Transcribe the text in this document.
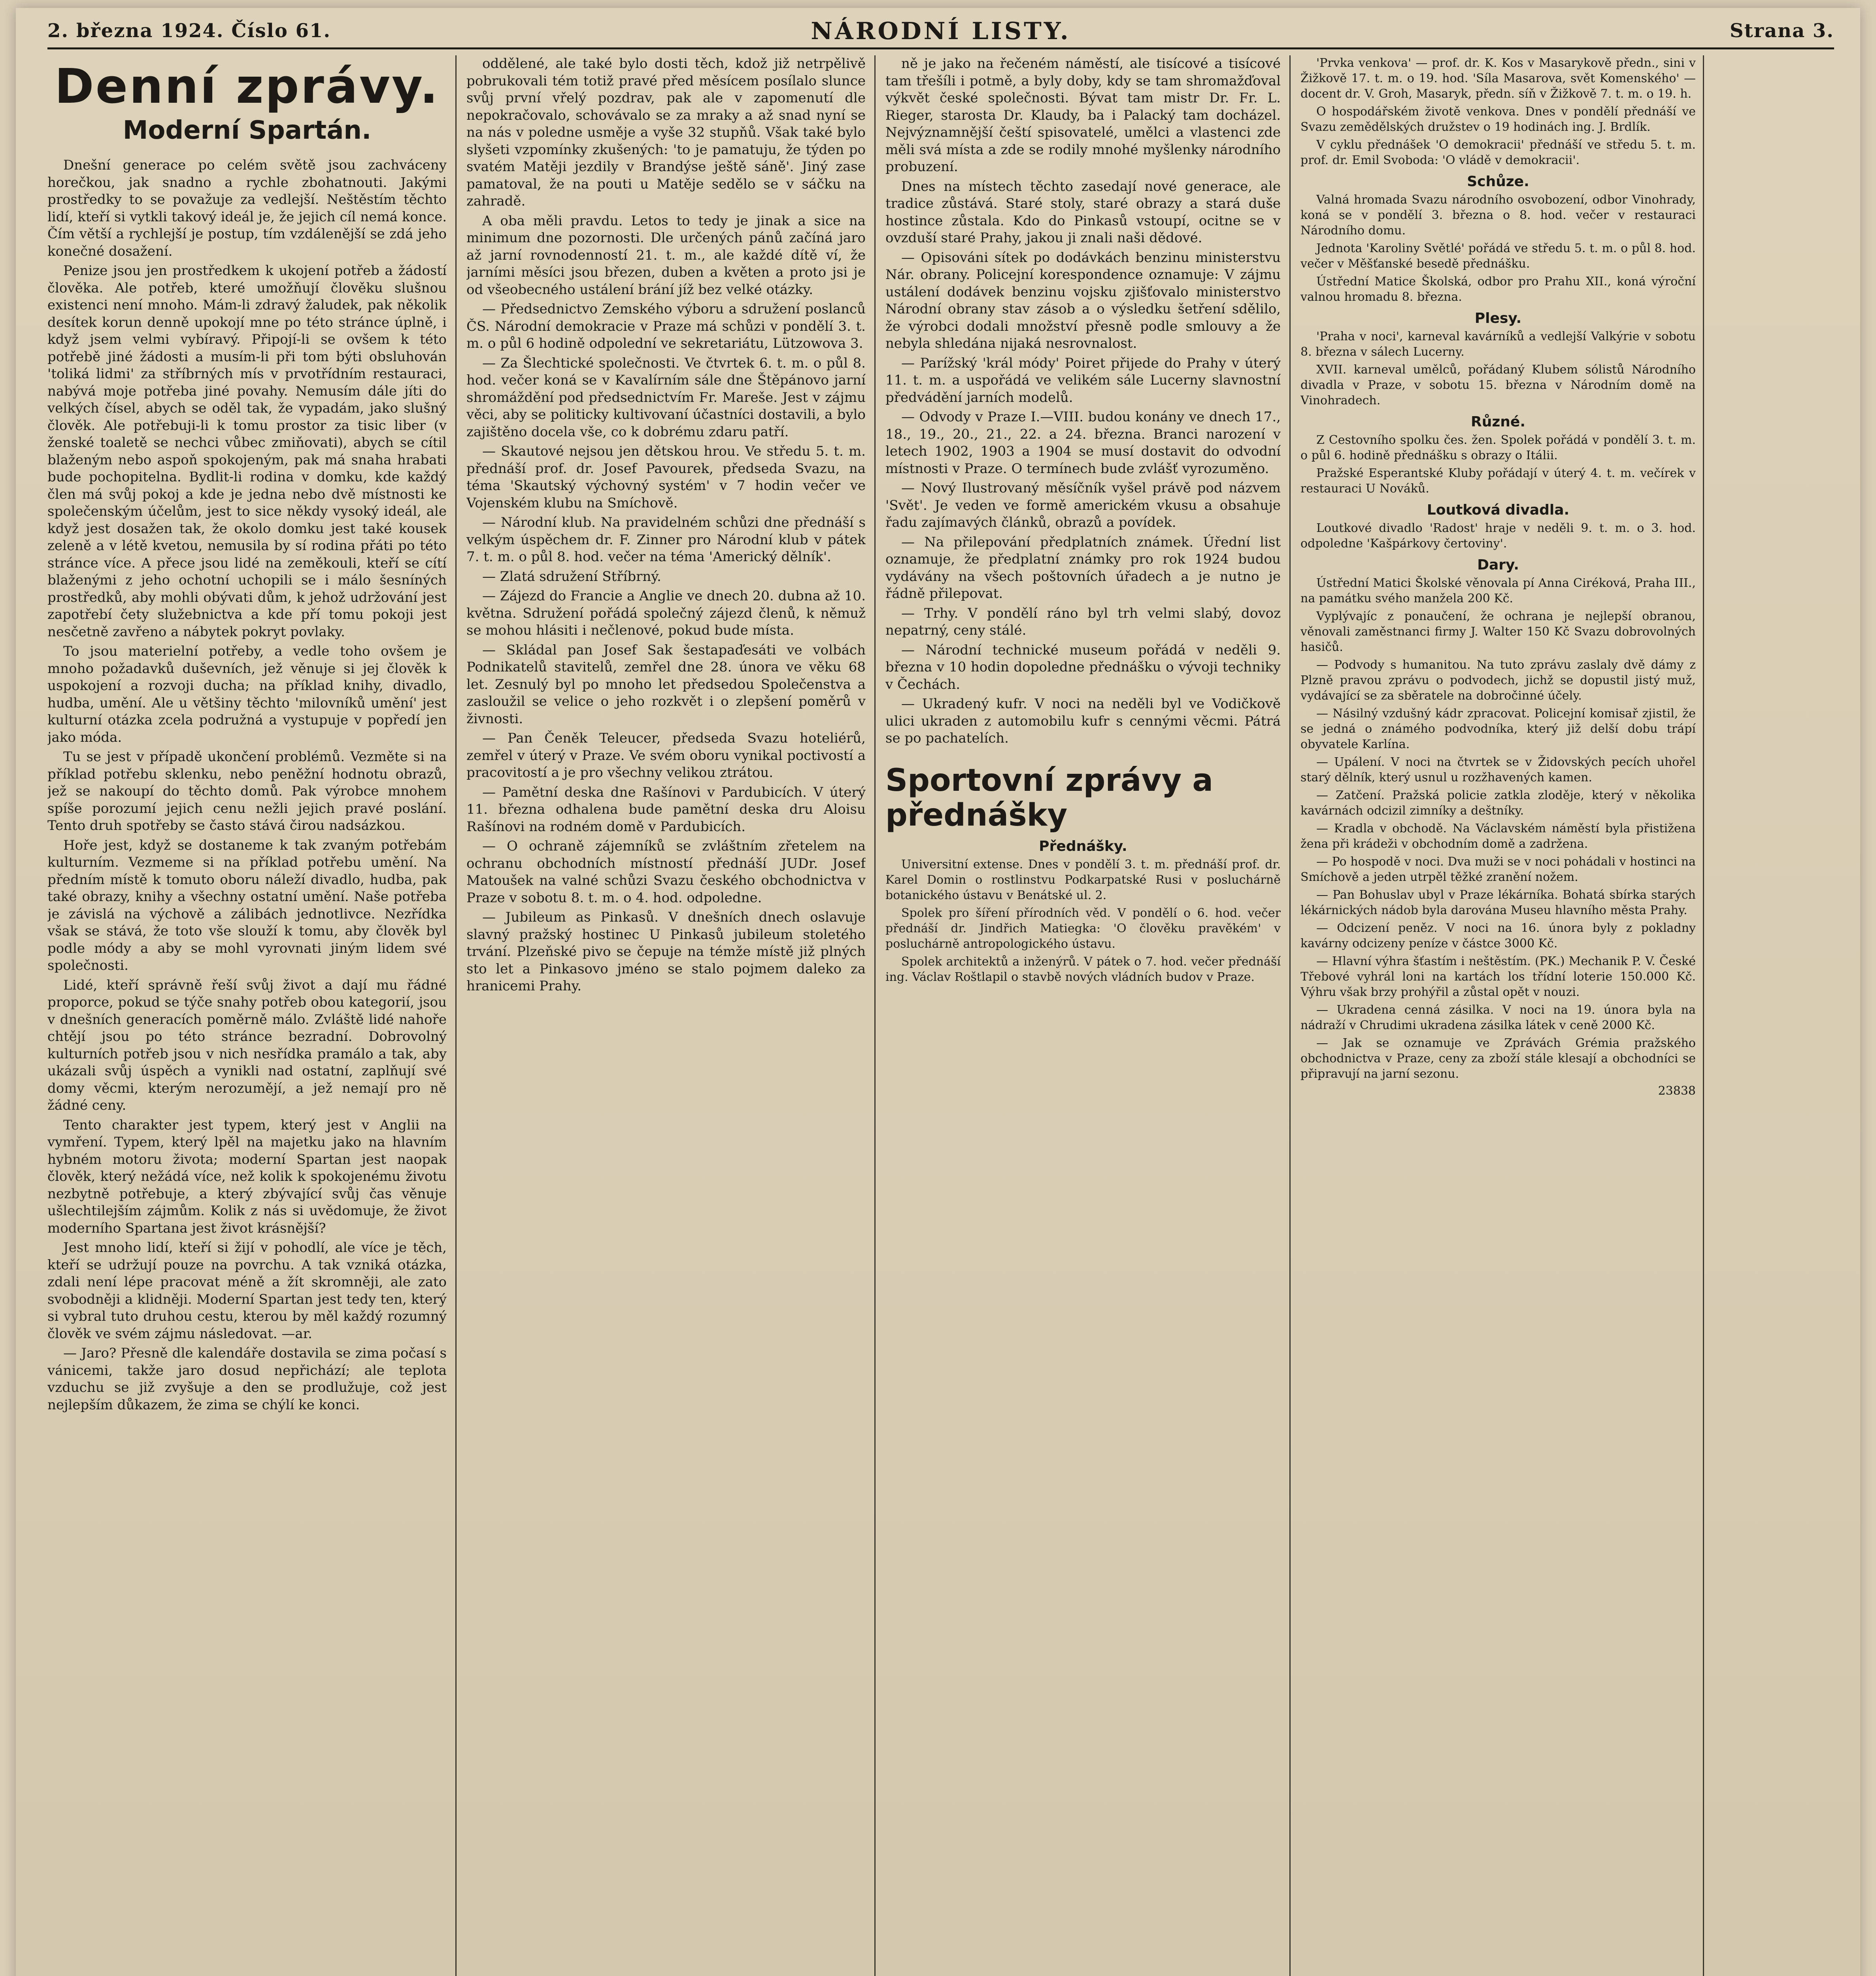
2. března 1924. Číslo 61.	NÁRODNÍ LISTY.	Strana 3.
Denní zprávy.
Moderní Spartán.

Dnešní generace po celém světě jsou zachváceny horečkou, jak snadno a rychle zbohatnouti. Jakými prostředky to se považuje za vedlejší. Neštěstím těchto lidí, kteří si vytkli takový ideál je, že jejich cíl nemá konce. Čím větší a rychlejší je postup, tím vzdálenější se zdá jeho konečné dosažení.

Penize jsou jen prostředkem k ukojení potřeb a žádostí člověka. Ale potřeb, které umožňují člověku slušnou existenci není mnoho. Mám-li zdravý žaludek, pak několik desítek korun denně upokojí mne po této stránce úplně, i když jsem velmi vybíravý. Připojí-li se ovšem k této potřebě jiné žádosti a musím-li při tom býti obsluhován 'toliká lidmi' za stříbrných mís v prvotřídním restauraci, nabývá moje potřeba jiné povahy. Nemusím dále jíti do velkých čísel, abych se oděl tak, že vypadám, jako slušný člověk. Ale potřebuji-li k tomu prostor za tisic liber (v ženské toaletě se nechci vůbec zmiňovati), abych se cítil blaženým nebo aspoň spokojeným, pak má snaha hrabati bude pochopitelna. Bydlit-li rodina v domku, kde každý člen má svůj pokoj a kde je jedna nebo dvě místnosti ke společenským účelům, jest to sice někdy vysoký ideál, ale když jest dosažen tak, že okolo domku jest také kousek zeleně a v létě kvetou, nemusila by sí rodina přáti po této stránce více. A přece jsou lidé na zeměkouli, kteří se cítí blaženými z jeho ochotní uchopili se i málo šesníných prostředků, aby mohli obývati dům, k jehož udržování jest zapotřebí čety služebnictva a kde pří tomu pokoji jest nesčetně zavřeno a nábytek pokryt povlaky.

To jsou materielní potřeby, a vedle toho ovšem je mnoho požadavků duševních, jež věnuje si jej člověk k uspokojení a rozvoji ducha; na příklad knihy, divadlo, hudba, umění. Ale u většiny těchto 'milovníků umění' jest kulturní otázka zcela podružná a vystupuje v popředí jen jako móda.

Tu se jest v případě ukončení problémů. Vezměte si na příklad potřebu sklenku, nebo peněžní hodnotu obrazů, jež se nakoupí do těchto domů. Pak výrobce mnohem spíše porozumí jejich cenu nežli jejich pravé poslání. Tento druh spotřeby se často stává čirou nadsázkou.

Hoře jest, když se dostaneme k tak zvaným potřebám kulturním. Vezmeme si na příklad potřebu umění. Na předním místě k tomuto oboru náleží divadlo, hudba, pak také obrazy, knihy a všechny ostatní umění. Naše potřeba je závislá na výchově a zálibách jednotlivce. Nezřídka však se stává, že toto vše slouží k tomu, aby člověk byl podle módy a aby se mohl vyrovnati jiným lidem své společnosti.

Lidé, kteří správně řeší svůj život a dají mu řádné proporce, pokud se týče snahy potřeb obou kategorií, jsou v dnešních generacích poměrně málo. Zvláště lidé nahoře chtějí jsou po této stránce bezradní. Dobrovolný kulturních potřeb jsou v nich nesřídka pramálo a tak, aby ukázali svůj úspěch a vynikli nad ostatní, zaplňují své domy věcmi, kterým nerozumějí, a jež nemají pro ně žádné ceny.

Tento charakter jest typem, který jest v Anglii na vymření. Typem, který lpěl na majetku jako na hlavním hybném motoru života; moderní Spartan jest naopak člověk, který nežádá více, než kolik k spokojenému životu nezbytně potřebuje, a který zbývající svůj čas věnuje ušlechtilejším zájmům. Kolik z nás si uvědomuje, že život moderního Spartana jest život krásnější?

Jest mnoho lidí, kteří si žijí v pohodlí, ale více je těch, kteří se udržují pouze na povrchu. A tak vzniká otázka, zdali není lépe pracovat méně a žít skromněji, ale zato svobodněji a klidněji. Moderní Spartan jest tedy ten, který si vybral tuto druhou cestu, kterou by měl každý rozumný člověk ve svém zájmu následovat. —ar.

— Jaro? Přesně dle kalendáře dostavila se zima počasí s vánicemi, takže jaro dosud nepřichází; ale teplota vzduchu se již zvyšuje a den se prodlužuje, což jest nejlepším důkazem, že zima se chýlí ke konci.

oddělené, ale také bylo dosti těch, kdož již netrpělivě pobrukovali tém totiž pravé před měsícem posílalo slunce svůj první vřelý pozdrav, pak ale v zapomenutí dle nepokračovalo, schovávalo se za mraky a až snad nyní se na nás v poledne usměje a vyše 32 stupňů. Však také bylo slyšeti vzpomínky zkušených: 'to je pamatuju, že týden po svatém Matěji jezdily v Brandýse ještě sáně'. Jiný zase pamatoval, že na pouti u Matěje sedělo se v sáčku na zahradě.

A oba měli pravdu. Letos to tedy je jinak a sice na minimum dne pozornosti. Dle určených pánů začíná jaro až jarní rovnodenností 21. t. m., ale každé dítě ví, že jarními měsíci jsou březen, duben a květen a proto jsi je od všeobecného ustálení brání jíž bez velké otázky.

— Předsednictvo Zemského výboru a sdružení poslanců ČS. Národní demokracie v Praze má schůzi v pondělí 3. t. m. o půl 6 hodině odpolední ve sekretariátu, Lützowova 3.

— Za Šlechtické společnosti. Ve čtvrtek 6. t. m. o půl 8. hod. večer koná se v Kavalírním sále dne Štěpánovo jarní shromáždění pod předsednictvím Fr. Mareše. Jest v zájmu věci, aby se politicky kultivovaní účastníci dostavili, a bylo zajištěno docela vše, co k dobrému zdaru patří.

— Skautové nejsou jen dětskou hrou. Ve středu 5. t. m. přednáší prof. dr. Josef Pavourek, předseda Svazu, na téma 'Skautský výchovný systém' v 7 hodin večer ve Vojenském klubu na Smíchově.

— Národní klub. Na pravidelném schůzi dne přednáší s velkým úspěchem dr. F. Zinner pro Národní klub v pátek 7. t. m. o půl 8. hod. večer na téma 'Americký dělník'.

— Zlatá sdružení Stříbrný.

— Zájezd do Francie a Anglie ve dnech 20. dubna až 10. května. Sdružení pořádá společný zájezd členů, k němuž se mohou hlásiti i nečlenové, pokud bude místa.

— Skládal pan Josef Sak šestapaďesáti ve volbách Podnikatelů stavitelů, zemřel dne 28. února ve věku 68 let. Zesnulý byl po mnoho let předsedou Společenstva a zasloužil se velice o jeho rozkvět i o zlepšení poměrů v živnosti.

— Pan Čeněk Teleucer, předseda Svazu hoteliérů, zemřel v úterý v Praze. Ve svém oboru vynikal poctivostí a pracovitostí a je pro všechny velikou ztrátou.

— Pamětní deska dne Rašínovi v Pardubicích. V úterý 11. března odhalena bude pamětní deska dru Aloisu Rašínovi na rodném domě v Pardubicích.

— O ochraně zájemníků se zvláštním zřetelem na ochranu obchodních místností přednáší JUDr. Josef Matoušek na valné schůzi Svazu českého obchodnictva v Praze v sobotu 8. t. m. o 4. hod. odpoledne.

— Jubileum as Pinkasů. V dnešních dnech oslavuje slavný pražský hostinec U Pinkasů jubileum stoletého trvání. Plzeňské pivo se čepuje na témže místě již plných sto let a Pinkasovo jméno se stalo pojmem daleko za hranicemi Prahy.

ně je jako na řečeném náměstí, ale tisícové a tisícové tam třešíli i potmě, a byly doby, kdy se tam shromažďoval výkvět české společnosti. Bývat tam mistr Dr. Fr. L. Rieger, starosta Dr. Klaudy, ba i Palacký tam docházel. Nejvýznamnější čeští spisovatelé, umělci a vlastenci zde měli svá místa a zde se rodily mnohé myšlenky národního probuzení.

Dnes na místech těchto zasedají nové generace, ale tradice zůstává. Staré stoly, staré obrazy a stará duše hostince zůstala. Kdo do Pinkasů vstoupí, ocitne se v ovzduší staré Prahy, jakou ji znali naši dědové.

— Opisováni sítek po dodávkách benzinu ministerstvu Nár. obrany. Policejní korespondence oznamuje: V zájmu ustálení dodávek benzinu vojsku zjišťovalo ministerstvo Národní obrany stav zásob a o výsledku šetření sdělilo, že výrobci dodali množství přesně podle smlouvy a že nebyla shledána nijaká nesrovnalost.

— Parížský 'král módy' Poiret přijede do Prahy v úterý 11. t. m. a uspořádá ve velikém sále Lucerny slavnostní předvádění jarních modelů.

— Odvody v Praze I.—VIII. budou konány ve dnech 17., 18., 19., 20., 21., 22. a 24. března. Branci narození v letech 1902, 1903 a 1904 se musí dostavit do odvodní místnosti v Praze. O termínech bude zvlášť vyrozuměno.

— Nový Ilustrovaný měsíčník vyšel právě pod názvem 'Svět'. Je veden ve formě americkém vkusu a obsahuje řadu zajímavých článků, obrazů a povídek.

— Na přilepování předplatních známek. Úřední list oznamuje, že předplatní známky pro rok 1924 budou vydávány na všech poštovních úřadech a je nutno je řádně přilepovat.

— Trhy. V pondělí ráno byl trh velmi slabý, dovoz nepatrný, ceny stálé.

— Národní technické museum pořádá v neděli 9. března v 10 hodin dopoledne přednášku o vývoji techniky v Čechách.

— Ukradený kufr. V noci na neděli byl ve Vodičkově ulici ukraden z automobilu kufr s cennými věcmi. Pátrá se po pachatelích.

Sportovní zprávy a přednášky
Přednášky.

Universitní extense. Dnes v pondělí 3. t. m. přednáší prof. dr. Karel Domin o rostlinstvu Podkarpatské Rusi v posluchárně botanického ústavu v Benátské ul. 2.

Spolek pro šíření přírodních věd. V pondělí o 6. hod. večer přednáší dr. Jindřich Matiegka: 'O člověku pravěkém' v posluchárně antropologického ústavu.

Spolek architektů a inženýrů. V pátek o 7. hod. večer přednáší ing. Václav Roštlapil o stavbě nových vládních budov v Praze.

'Prvka venkova' — prof. dr. K. Kos v Masarykově předn., sini v Žižkově 17. t. m. o 19. hod. 'Síla Masarova, svět Komenského' — docent dr. V. Groh, Masaryk, předn. síň v Žižkově 7. t. m. o 19. h.

O hospodářském životě venkova. Dnes v pondělí přednáší ve Svazu zemědělských družstev o 19 hodinách ing. J. Brdlík.

V cyklu přednášek 'O demokracii' přednáší ve středu 5. t. m. prof. dr. Emil Svoboda: 'O vládě v demokracii'.

Schůze.

Valná hromada Svazu národního osvobození, odbor Vinohrady, koná se v pondělí 3. března o 8. hod. večer v restauraci Národního domu.

Jednota 'Karoliny Světlé' pořádá ve středu 5. t. m. o půl 8. hod. večer v Měšťanské besedě přednášku.

Ústřední Matice Školská, odbor pro Prahu XII., koná výroční valnou hromadu 8. března.

Plesy.

'Praha v noci', karneval kavárníků a vedlejší Valkýrie v sobotu 8. března v sálech Lucerny.

XVII. karneval umělců, pořádaný Klubem sólistů Národního divadla v Praze, v sobotu 15. března v Národním domě na Vinohradech.

Různé.

Z Cestovního spolku čes. žen. Spolek pořádá v pondělí 3. t. m. o půl 6. hodině přednášku s obrazy o Itálii.

Pražské Esperantské Kluby pořádají v úterý 4. t. m. večírek v restauraci U Nováků.

Loutková divadla.

Loutkové divadlo 'Radost' hraje v neděli 9. t. m. o 3. hod. odpoledne 'Kašpárkovy čertoviny'.

Dary.

Ústřední Matici Školské věnovala pí Anna Ciréková, Praha III., na památku svého manžela 200 Kč.

Vyplývajíc z ponaučení, že ochrana je nejlepší obranou, věnovali zaměstnanci firmy J. Walter 150 Kč Svazu dobrovolných hasičů.

— Podvody s humanitou. Na tuto zprávu zaslaly dvě dámy z Plzně pravou zprávu o podvodech, jichž se dopustil jistý muž, vydávající se za sběratele na dobročinné účely.

— Násilný vzdušný kádr zpracovat. Policejní komisař zjistil, že se jedná o známého podvodníka, který již delší dobu trápí obyvatele Karlína.

— Upálení. V noci na čtvrtek se v Židovských pecích uhořel starý dělník, který usnul u rozžhavených kamen.

— Zatčení. Pražská policie zatkla zloděje, který v několika kavárnách odcizil zimníky a deštníky.

— Kradla v obchodě. Na Václavském náměstí byla přistižena žena při krádeži v obchodním domě a zadržena.

— Po hospodě v noci. Dva muži se v noci pohádali v hostinci na Smíchově a jeden utrpěl těžké zranění nožem.

— Pan Bohuslav ubyl v Praze lékárníka. Bohatá sbírka starých lékárnických nádob byla darována Museu hlavního města Prahy.

— Odcizení peněz. V noci na 16. února byly z pokladny kavárny odcizeny peníze v částce 3000 Kč.

— Hlavní výhra šťastím i neštěstím. (PK.) Mechanik P. V. České Třebové vyhrál loni na kartách los třídní loterie 150.000 Kč. Výhru však brzy prohýřil a zůstal opět v nouzi.

— Ukradena cenná zásilka. V noci na 19. února byla na nádraží v Chrudimi ukradena zásilka látek v ceně 2000 Kč.

— Jak se oznamuje ve Zprávách Grémia pražského obchodnictva v Praze, ceny za zboží stále klesají a obchodníci se připravují na jarní sezonu.

23838
